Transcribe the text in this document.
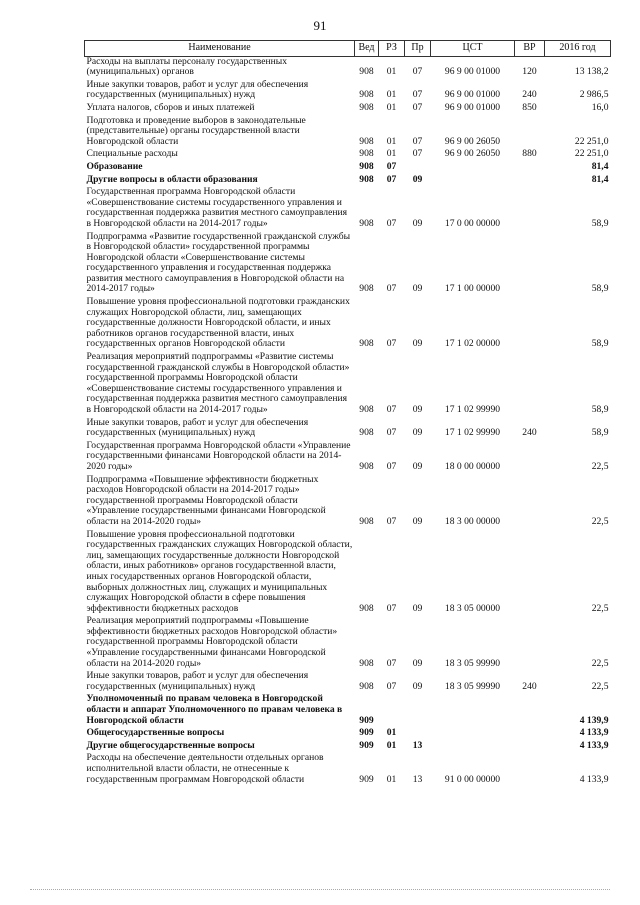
91
Наименование	Вед	РЗ	Пр	ЦСТ	ВР	2016 год
Расходы на выплаты персоналу государственных (муниципальных) органов	908	01	07	96 9 00 01000	120	13 138,2
Иные закупки товаров, работ и услуг для обеспечения государственных (муниципальных) нужд	908	01	07	96 9 00 01000	240	2 986,5
Уплата налогов, сборов и иных платежей	908	01	07	96 9 00 01000	850	16,0
Подготовка и проведение выборов в законодательные (представительные) органы государственной власти Новгородской области	908	01	07	96 9 00 26050		22 251,0
Специальные расходы	908	01	07	96 9 00 26050	880	22 251,0
Образование	908	07				81,4
Другие вопросы в области образования	908	07	09			81,4
Государственная программа Новгородской области «Совершенствование системы государственного управления и государственная поддержка развития местного самоуправления в Новгородской области на 2014-2017 годы»	908	07	09	17 0 00 00000		58,9
Подпрограмма «Развитие государственной гражданской службы в Новгородской области» государственной программы Новгородской области «Совершенствование системы государственного управления и государственная поддержка развития местного самоуправления в Новгородской области на 2014-2017 годы»	908	07	09	17 1 00 00000		58,9
Повышение уровня профессиональной подготовки гражданских служащих Новгородской области, лиц, замещающих государственные должности Новгородской области, и иных работников органов государственной власти, иных государственных органов Новгородской области	908	07	09	17 1 02 00000		58,9
Реализация мероприятий подпрограммы «Развитие системы государственной гражданской службы в Новгородской области» государственной программы Новгородской области «Совершенствование системы государственного управления и государственная поддержка развития местного самоуправления в Новгородской области на 2014-2017 годы»	908	07	09	17 1 02 99990		58,9
Иные закупки товаров, работ и услуг для обеспечения государственных (муниципальных) нужд	908	07	09	17 1 02 99990	240	58,9
Государственная программа Новгородской области «Управление государственными финансами Новгородской области на 2014-2020 годы»	908	07	09	18 0 00 00000		22,5
Подпрограмма «Повышение эффективности бюджетных расходов Новгородской области на 2014-2017 годы» государственной программы Новгородской области «Управление государственными финансами Новгородской области на 2014-2020 годы»	908	07	09	18 3 00 00000		22,5
Повышение уровня профессиональной подготовки государственных гражданских служащих Новгородской области, лиц, замещающих государственные должности Новгородской области, иных работников» органов государственной власти, иных государственных органов Новгородской области, выборных должностных лиц, служащих и муниципальных служащих Новгородской области в сфере повышения эффективности бюджетных расходов	908	07	09	18 3 05 00000		22,5
Реализация мероприятий подпрограммы «Повышение эффективности бюджетных расходов Новгородской области» государственной программы Новгородской области «Управление государственными финансами Новгородской области на 2014-2020 годы»	908	07	09	18 3 05 99990		22,5
Иные закупки товаров, работ и услуг для обеспечения государственных (муниципальных) нужд	908	07	09	18 3 05 99990	240	22,5
Уполномоченный по правам человека в Новгородской области и аппарат Уполномоченного по правам человека в Новгородской области	909					4 139,9
Общегосударственные вопросы	909	01				4 133,9
Другие общегосударственные вопросы	909	01	13			4 133,9
Расходы на обеспечение деятельности отдельных органов исполнительной власти области, не отнесенные к государственным программам Новгородской области	909	01	13	91 0 00 00000		4 133,9
